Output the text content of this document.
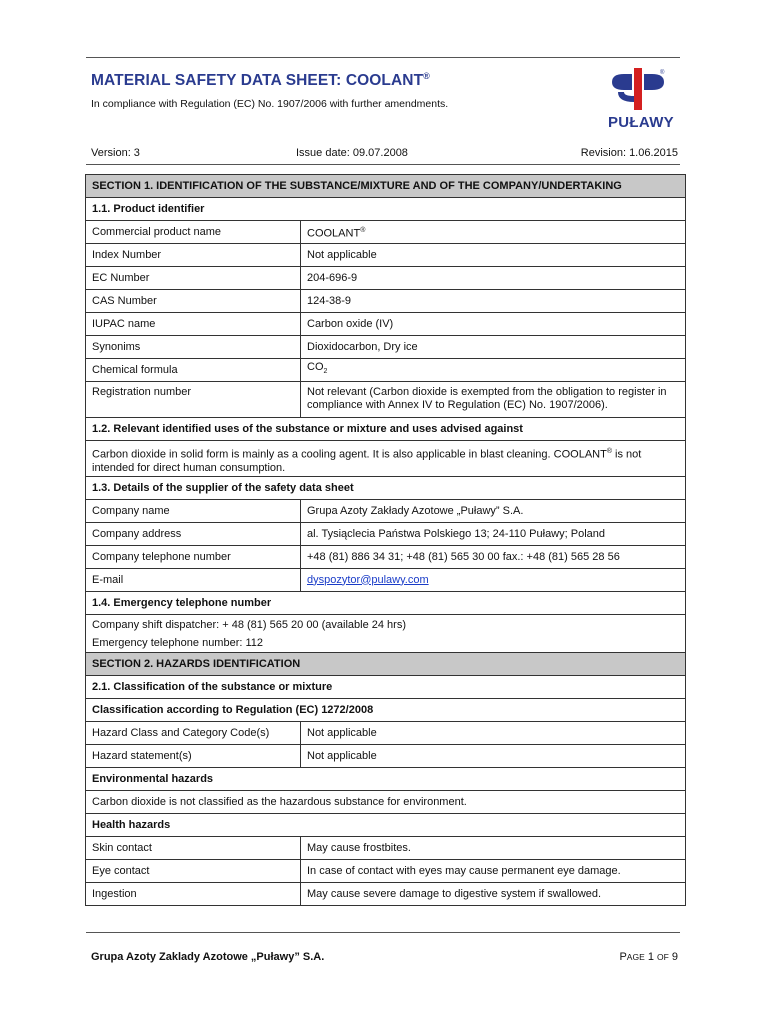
MATERIAL SAFETY DATA SHEET: COOLANT®
In compliance with Regulation (EC) No. 1907/2006 with further amendments.
®
PUŁAWY
Version: 3	Issue date: 09.07.2008	Revision: 1.06.2015
SECTION 1. IDENTIFICATION OF THE SUBSTANCE/MIXTURE AND OF THE COMPANY/UNDERTAKING	
1.1. Product identifier	
Commercial product name	COOLANT®
Index Number	Not applicable
EC Number	204-696-9
CAS Number	124-38-9
IUPAC name	Carbon oxide (IV)
Synonims	Dioxidocarbon, Dry ice
Chemical formula	$CO_2$
Registration number	Not relevant (Carbon dioxide is exempted from the obligation to register in compliance with Annex IV to Regulation (EC) No. 1907/2006).
1.2. Relevant identified uses of the substance or mixture and uses advised against	
Carbon dioxide in solid form is mainly as a cooling agent. It is also applicable in blast cleaning. COOLANT® is not intended for direct human consumption.	
1.3. Details of the supplier of the safety data sheet	
Company name	Grupa Azoty Zakłady Azotowe „Puławy” S.A.
Company address	al. Tysiąclecia Państwa Polskiego 13; 24-110 Puławy; Poland
Company telephone number	+48 (81) 886 34 31; +48 (81) 565 30 00 fax.: +48 (81) 565 28 56
E-mail	dyspozytor@pulawy.com
1.4. Emergency telephone number	

Company shift dispatcher: + 48 (81) 565 20 00 (available 24 hrs)
Emergency telephone number: 112	

SECTION 2. HAZARDS IDENTIFICATION	
2.1. Classification of the substance or mixture	
Classification according to Regulation (EC) 1272/2008	
Hazard Class and Category Code(s)	Not applicable
Hazard statement(s)	Not applicable
Environmental hazards	
Carbon dioxide is not classified as the hazardous substance for environment.	
Health hazards	
Skin contact	May cause frostbites.
Eye contact	In case of contact with eyes may cause permanent eye damage.
Ingestion	May cause severe damage to digestive system if swallowed.
Grupa Azoty Zaklady Azotowe „Puławy” S.A.	PAGE 1 OF 9
